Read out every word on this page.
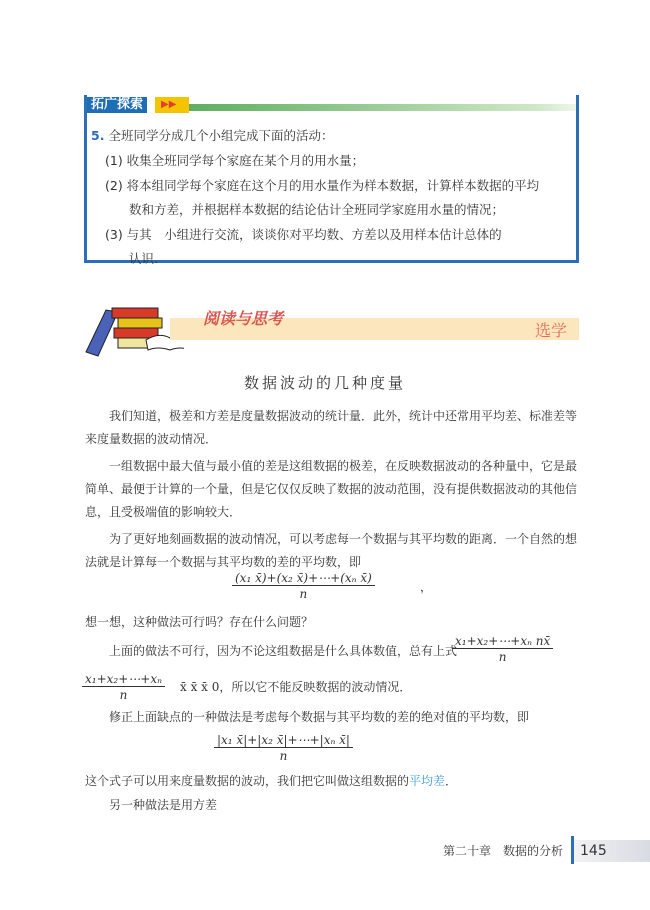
拓广探索	▶▶
5. 全班同学分成几个小组完成下面的活动：
(1) 收集全班同学每个家庭在某个月的用水量；
(2) 将本组同学每个家庭在这个月的用水量作为样本数据，计算样本数据的平均
数和方差，并根据样本数据的结论估计全班同学家庭用水量的情况；
(3) 与其　小组进行交流，谈谈你对平均数、方差以及用样本估计总体的
认识.
阅读与思考
选学
数据波动的几种度量
我们知道，极差和方差是度量数据波动的统计量．此外，统计中还常用平均差、标准差等来度量数据的波动情况．
一组数据中最大值与最小值的差是这组数据的极差，在反映数据波动的各种量中，它是最简单、最便于计算的一个量，但是它仅仅反映了数据的波动范围，没有提供数据波动的其他信息，且受极端值的影响较大．
为了更好地刻画数据的波动情况，可以考虑每一个数据与其平均数的距离．一个自然的想法就是计算每一个数据与其平均数的差的平均数，即
$\frac{\text{(x₁ x̄)+(x₂ x̄)+⋯+(xₙ x̄)}}{n}$	，
想一想，这种做法可行吗？存在什么问题？
上面的做法不可行，因为不论这组数据是什么具体数值，总有上式
$\frac{\text{x₁+x₂+⋯+xₙ nx̄}}{n}$
$\frac{\text{x₁+x₂+⋯+xₙ}}{n}$ x̄ x̄ x̄ 0，所以它不能反映数据的波动情况．
修正上面缺点的一种做法是考虑每个数据与其平均数的差的绝对值的平均数，即
$\frac{\text{|x₁ x̄|+|x₂ x̄|+⋯+|xₙ x̄|}}{n}$
这个式子可以用来度量数据的波动，我们把它叫做这组数据的平均差．
另一种做法是用方差
第二十章　数据的分析	145
